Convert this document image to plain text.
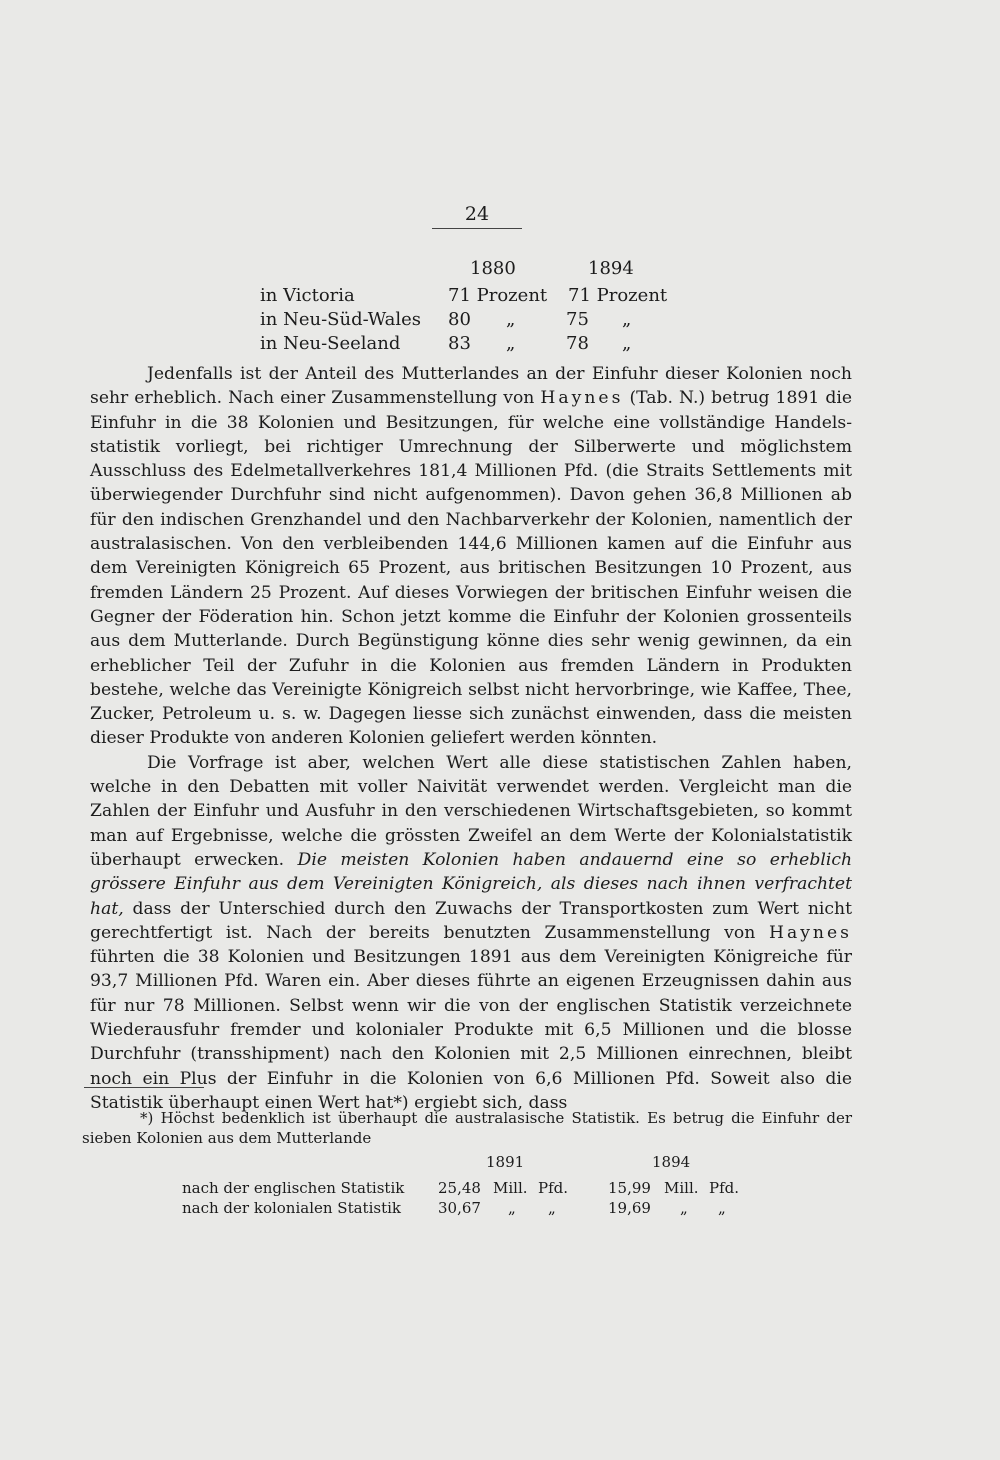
24
1880	1894
in Victoria	71 Prozent 71 Prozent
in Neu-Süd-Wales 80 „	75 „
in Neu-Seeland	83 „	78 „

Jedenfalls ist der Anteil des Mutterlandes an der Einfuhr dieser Kolonien noch sehr erheblich. Nach einer Zusammenstellung von Haynes (Tab. N.) betrug 1891 die Einfuhr in die 38 Kolonien und Besitzungen, für welche eine vollständige Handelsstatistik vorliegt, bei richtiger Umrechnung der Silberwerte und möglichstem Ausschluss des Edelmetallverkehres 181,4 Millionen Pfd. (die Straits Settlements mit überwiegender Durchfuhr sind nicht aufgenommen). Davon gehen 36,8 Millionen ab für den indischen Grenzhandel und den Nachbarverkehr der Kolonien, namentlich der australasischen. Von den verbleibenden 144,6 Millionen kamen auf die Einfuhr aus dem Vereinigten Königreich 65 Prozent, aus britischen Besitzungen 10 Prozent, aus fremden Ländern 25 Prozent. Auf dieses Vorwiegen der britischen Einfuhr weisen die Gegner der Föderation hin. Schon jetzt komme die Einfuhr der Kolonien grossenteils aus dem Mutterlande. Durch Begünstigung könne dies sehr wenig gewinnen, da ein erheblicher Teil der Zufuhr in die Kolonien aus fremden Ländern in Produkten bestehe, welche das Vereinigte Königreich selbst nicht hervorbringe, wie Kaffee, Thee, Zucker, Petroleum u. s. w. Dagegen liesse sich zunächst einwenden, dass die meisten dieser Produkte von anderen Kolonien geliefert werden könnten.

Die Vorfrage ist aber, welchen Wert alle diese statistischen Zahlen haben, welche in den Debatten mit voller Naivität verwendet werden. Vergleicht man die Zahlen der Einfuhr und Ausfuhr in den verschiedenen Wirtschaftsgebieten, so kommt man auf Ergebnisse, welche die grössten Zweifel an dem Werte der Kolonialstatistik überhaupt erwecken. Die meisten Kolonien haben andauernd eine so erheblich grössere Einfuhr aus dem Vereinigten Königreich, als dieses nach ihnen verfrachtet hat, dass der Unterschied durch den Zuwachs der Transportkosten zum Wert nicht gerechtfertigt ist. Nach der bereits benutzten Zusammenstellung von Haynes führten die 38 Kolonien und Besitzungen 1891 aus dem Vereinigten Königreiche für 93,7 Millionen Pfd. Waren ein. Aber dieses führte an eigenen Erzeugnissen dahin aus für nur 78 Millionen. Selbst wenn wir die von der englischen Statistik verzeichnete Wiederausfuhr fremder und kolonialer Produkte mit 6,5 Millionen und die blosse Durchfuhr (transshipment) nach den Kolonien mit 2,5 Millionen einrechnen, bleibt noch ein Plus der Einfuhr in die Kolonien von 6,6 Millionen Pfd. Soweit also die Statistik überhaupt einen Wert hat*) ergiebt sich, dass

*) Höchst bedenklich ist überhaupt die australasische Statistik. Es betrug die Einfuhr der sieben Kolonien aus dem Mutterlande

1891	1894
nach der englischen Statistik 25,48 Mill. Pfd.	15,99 Mill. Pfd.
nach der kolonialen Statistik 30,67 „ „	19,69 „ „
